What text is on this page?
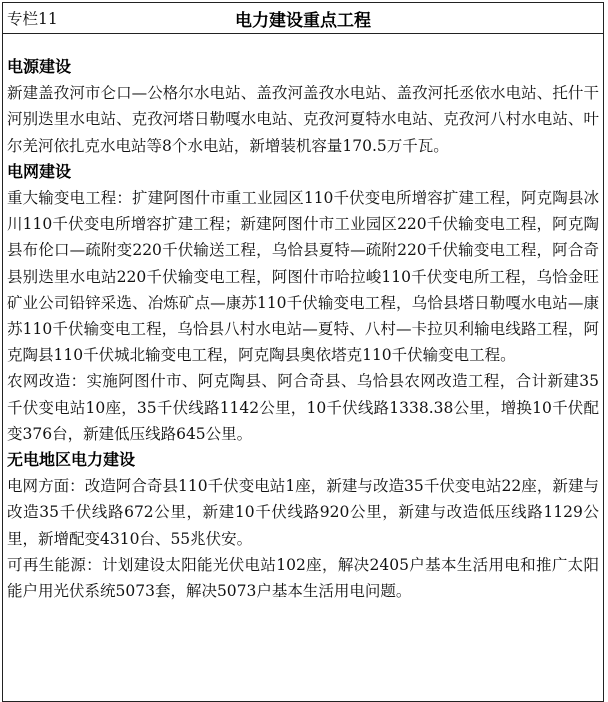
专栏11	电力建设重点工程
电源建设

新建盖孜河市仑口—公格尔水电站、盖孜河盖孜水电站、盖孜河托丞依水电站、托什干河别迭里水电站、克孜河塔日勒嘎水电站、克孜河夏特水电站、克孜河八村水电站、叶尔羌河依扎克水电站等8个水电站，新增装机容量170.5万千瓦。

电网建设

重大输变电工程：扩建阿图什市重工业园区110千伏变电所增容扩建工程，阿克陶县冰川110千伏变电所增容扩建工程；新建阿图什市工业园区220千伏输变电工程，阿克陶县布伦口—疏附变220千伏输送工程，乌恰县夏特—疏附220千伏输变电工程，阿合奇县别迭里水电站220千伏输变电工程，阿图什市哈拉峻110千伏变电所工程，乌恰金旺矿业公司铅锌采选、冶炼矿点—康苏110千伏输变电工程，乌恰县塔日勒嘎水电站—康苏110千伏输变电工程，乌恰县八村水电站—夏特、八村—卡拉贝利输电线路工程，阿克陶县110千伏城北输变电工程，阿克陶县奥依塔克110千伏输变电工程。

农网改造：实施阿图什市、阿克陶县、阿合奇县、乌恰县农网改造工程，合计新建35千伏变电站10座，35千伏线路1142公里，10千伏线路1338.38公里，增换10千伏配变376台，新建低压线路645公里。

无电地区电力建设

电网方面：改造阿合奇县110千伏变电站1座，新建与改造35千伏变电站22座，新建与改造35千伏线路672公里，新建10千伏线路920公里，新建与改造低压线路1129公里，新增配变4310台、55兆伏安。

可再生能源：计划建设太阳能光伏电站102座，解决2405户基本生活用电和推广太阳能户用光伏系统5073套，解决5073户基本生活用电问题。
